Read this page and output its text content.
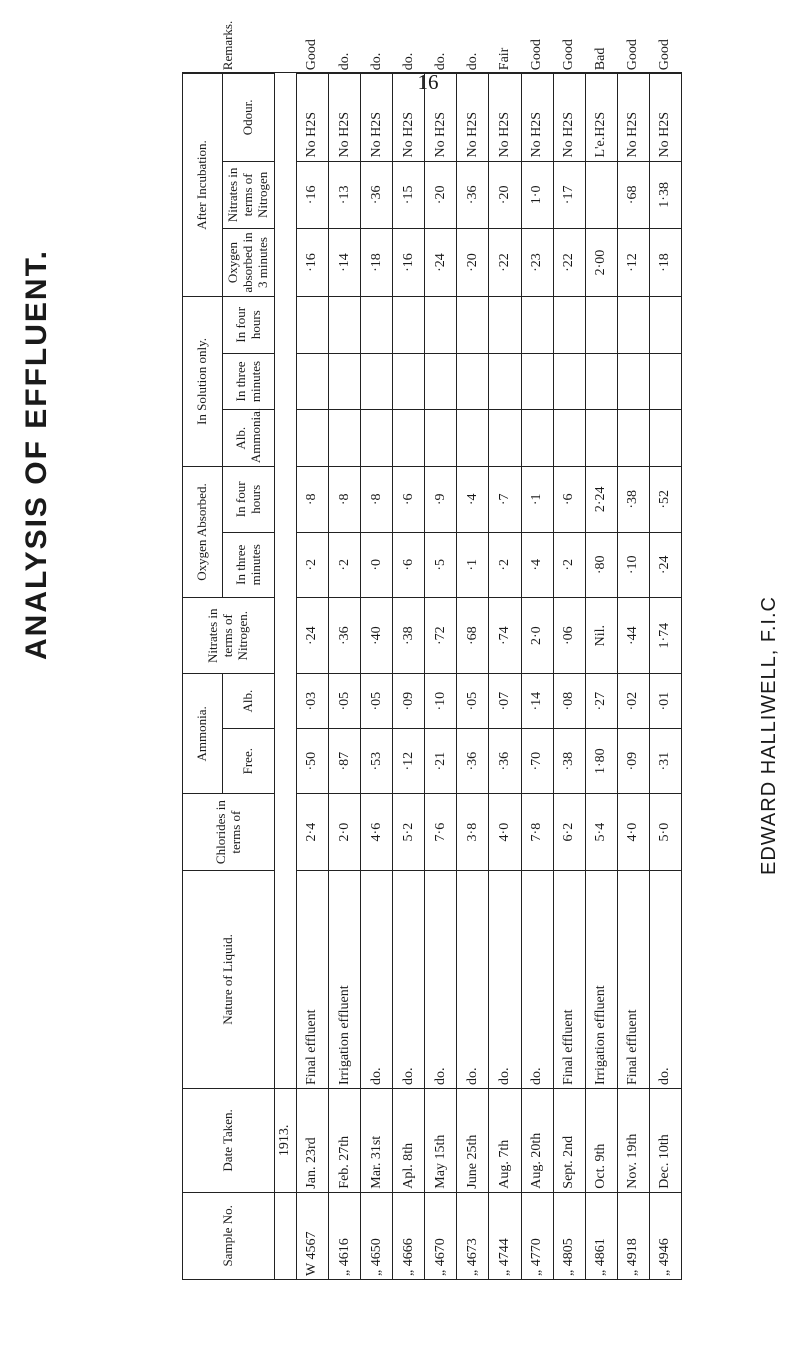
16
ANALYSIS OF EFFLUENT.
EDWARD HALLIWELL, F.I.C
Sample No.	Date Taken.	Nature of Liquid.	Chlorides in terms of	Ammonia.		Nitrates in terms of Nitrogen.	Oxygen Absorbed.		In Solution only.			After Incubation.			Remarks.
				Free.	Alb.		In three minutes	In four hours	Alb. Ammonia.	In three minutes	In four hours	Oxygen absorbed in 3 minutes	Nitrates in terms of Nitrogen	Odour.	
	1913.														
W 4567	Jan. 23rd	Final effluent	2·4	·50	·03	·24	·2	·8				·16	·16	No H2S	Good
„ 4616	Feb. 27th	Irrigation effluent	2·0	·87	·05	·36	·2	·8				·14	·13	No H2S	do.
„ 4650	Mar. 31st	do.	4·6	·53	·05	·40	·0	·8				·18	·36	No H2S	do.
„ 4666	Apl. 8th	do.	5·2	·12	·09	·38	·6	·6				·16	·15	No H2S	do.
„ 4670	May 15th	do.	7·6	·21	·10	·72	·5	·9				·24	·20	No H2S	do.
„ 4673	June 25th	do.	3·8	·36	·05	·68	·1	·4				·20	·36	No H2S	do.
„ 4744	Aug. 7th	do.	4·0	·36	·07	·74	·2	·7				·22	·20	No H2S	Fair
„ 4770	Aug. 20th	do.	7·8	·70	·14	2·0	·4	·1				·23	1·0	No H2S	Good
„ 4805	Sept. 2nd	Final effluent	6·2	·38	·08	·06	·2	·6				·22	·17	No H2S	Good
„ 4861	Oct. 9th	Irrigation effluent	5·4	1·80	·27	Nil.	·80	2·24				2·00		L'e.H2S	Bad
„ 4918	Nov. 19th	Final effluent	4·0	·09	·02	·44	·10	·38				·12	·68	No H2S	Good
„ 4946	Dec. 10th	do.	5·0	·31	·01	1·74	·24	·52				·18	1·38	No H2S	Good
